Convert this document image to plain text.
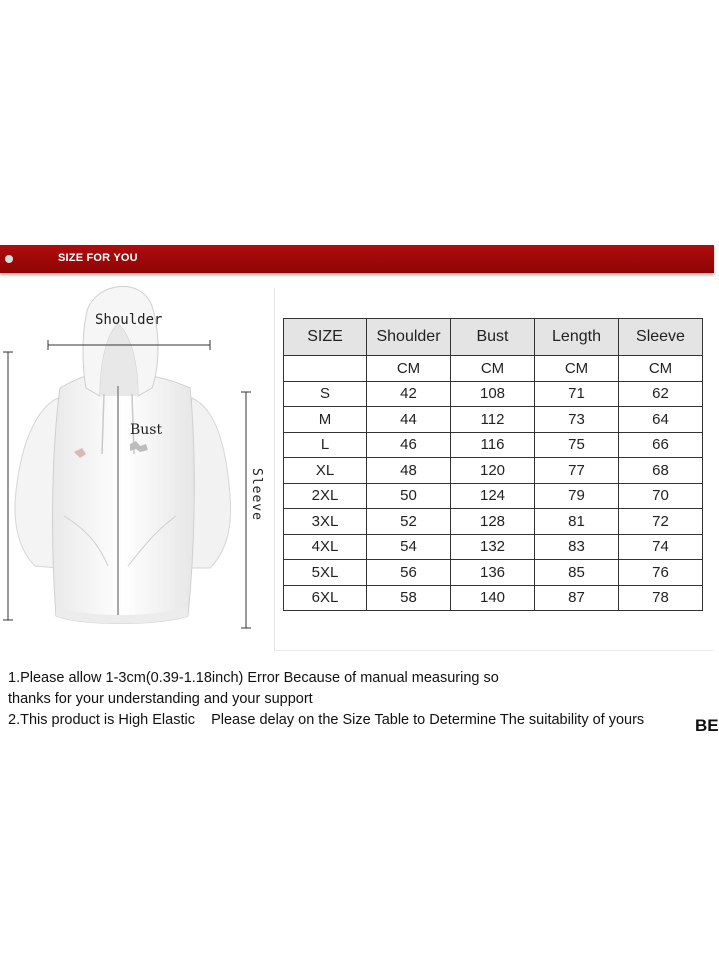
SIZE FOR YOU
Shoulder
Bust
Sleeve
SIZE	Shoulder	Bust	Length	Sleeve
	CM	CM	CM	CM
S	42	108	71	62
M	44	112	73	64
L	46	116	75	66
XL	48	120	77	68
2XL	50	124	79	70
3XL	52	128	81	72
4XL	54	132	83	74
5XL	56	136	85	76
6XL	58	140	87	78
1.Please allow 1-3cm(0.39-1.18inch) Error Because of manual measuring so
thanks for your understanding and your support
2.This product is High Elastic    Please delay on the Size Table to Determine The suitability of yours	BE
